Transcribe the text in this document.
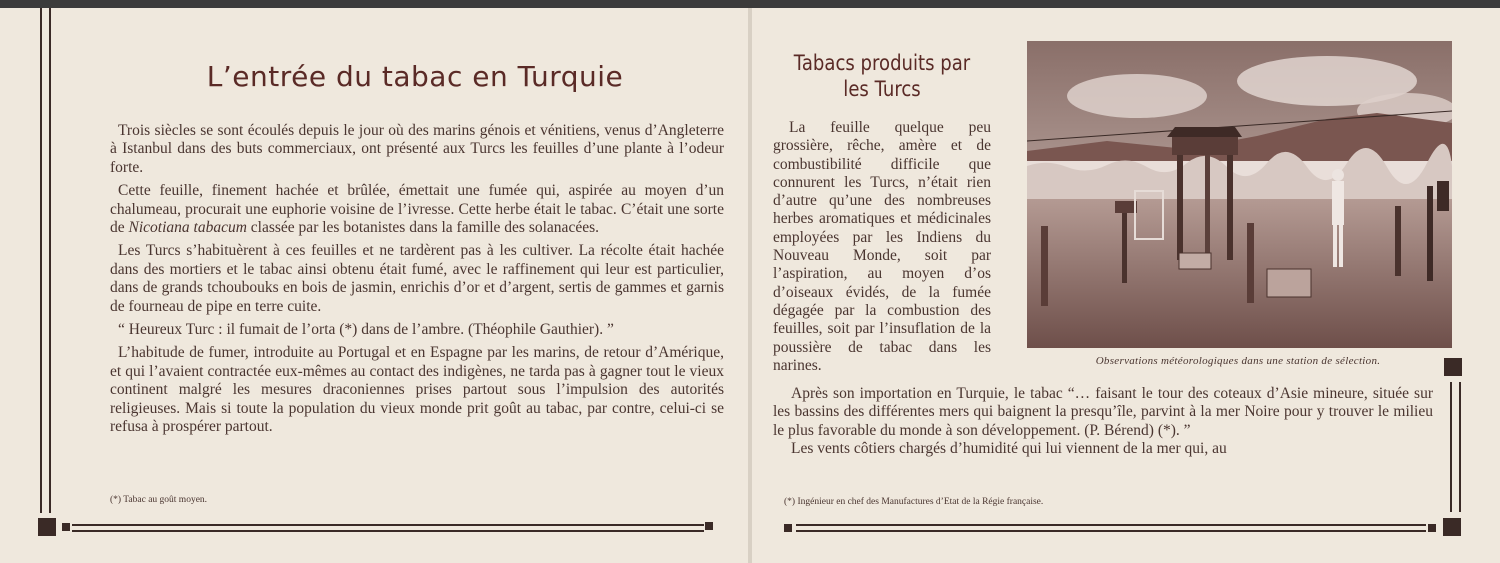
L’entrée du tabac en Turquie

Trois siècles se sont écoulés depuis le jour où des marins génois et vénitiens, venus d’Angleterre à Istanbul dans des buts commerciaux, ont présenté aux Turcs les feuilles d’une plante à l’odeur forte.

Cette feuille, finement hachée et brûlée, émettait une fumée qui, aspirée au moyen d’un chalumeau, procurait une euphorie voisine de l’ivresse. Cette herbe était le tabac. C’était une sorte de Nicotiana tabacum classée par les botanistes dans la famille des solanacées.

Les Turcs s’habituèrent à ces feuilles et ne tardèrent pas à les cultiver. La récolte était hachée dans des mortiers et le tabac ainsi obtenu était fumé, avec le raffinement qui leur est particulier, dans de grands tchoubouks en bois de jasmin, enrichis d’or et d’argent, sertis de gammes et garnis de fourneau de pipe en terre cuite.

“ Heureux Turc : il fumait de l’orta (*) dans de l’ambre. (Théophile Gauthier). ”

L’habitude de fumer, introduite au Portugal et en Espagne par les marins, de retour d’Amérique, et qui l’avaient contractée eux-mêmes au contact des indigènes, ne tarda pas à gagner tout le vieux continent malgré les mesures draconiennes prises partout sous l’impulsion des autorités religieuses. Mais si toute la population du vieux monde prit goût au tabac, par contre, celui-ci se refusa à prospérer partout.

(*) Tabac au goût moyen.
Tabacs produits par
les Turcs

La feuille quelque peu grossière, rêche, amère et de combustibilité difficile que connurent les Turcs, n’était rien d’autre qu’une des nombreuses herbes aromatiques et médicinales employées par les Indiens du Nouveau Monde, soit par l’aspiration, au moyen d’os d’oiseaux évidés, de la fumée dégagée par la combustion des feuilles, soit par l’insuflation de la poussière de tabac dans les narines.	Observations météorologiques dans une station de sélection.

Après son importation en Turquie, le tabac “… faisant le tour des coteaux d’Asie mineure, située sur les bassins des différentes mers qui baignent la presqu’île, parvint à la mer Noire pour y trouver le milieu le plus favorable du monde à son développement. (P. Bérend) (*). ”

Les vents côtiers chargés d’humidité qui lui viennent de la mer qui, au

(*) Ingénieur en chef des Manufactures d’Etat de la Régie française.
